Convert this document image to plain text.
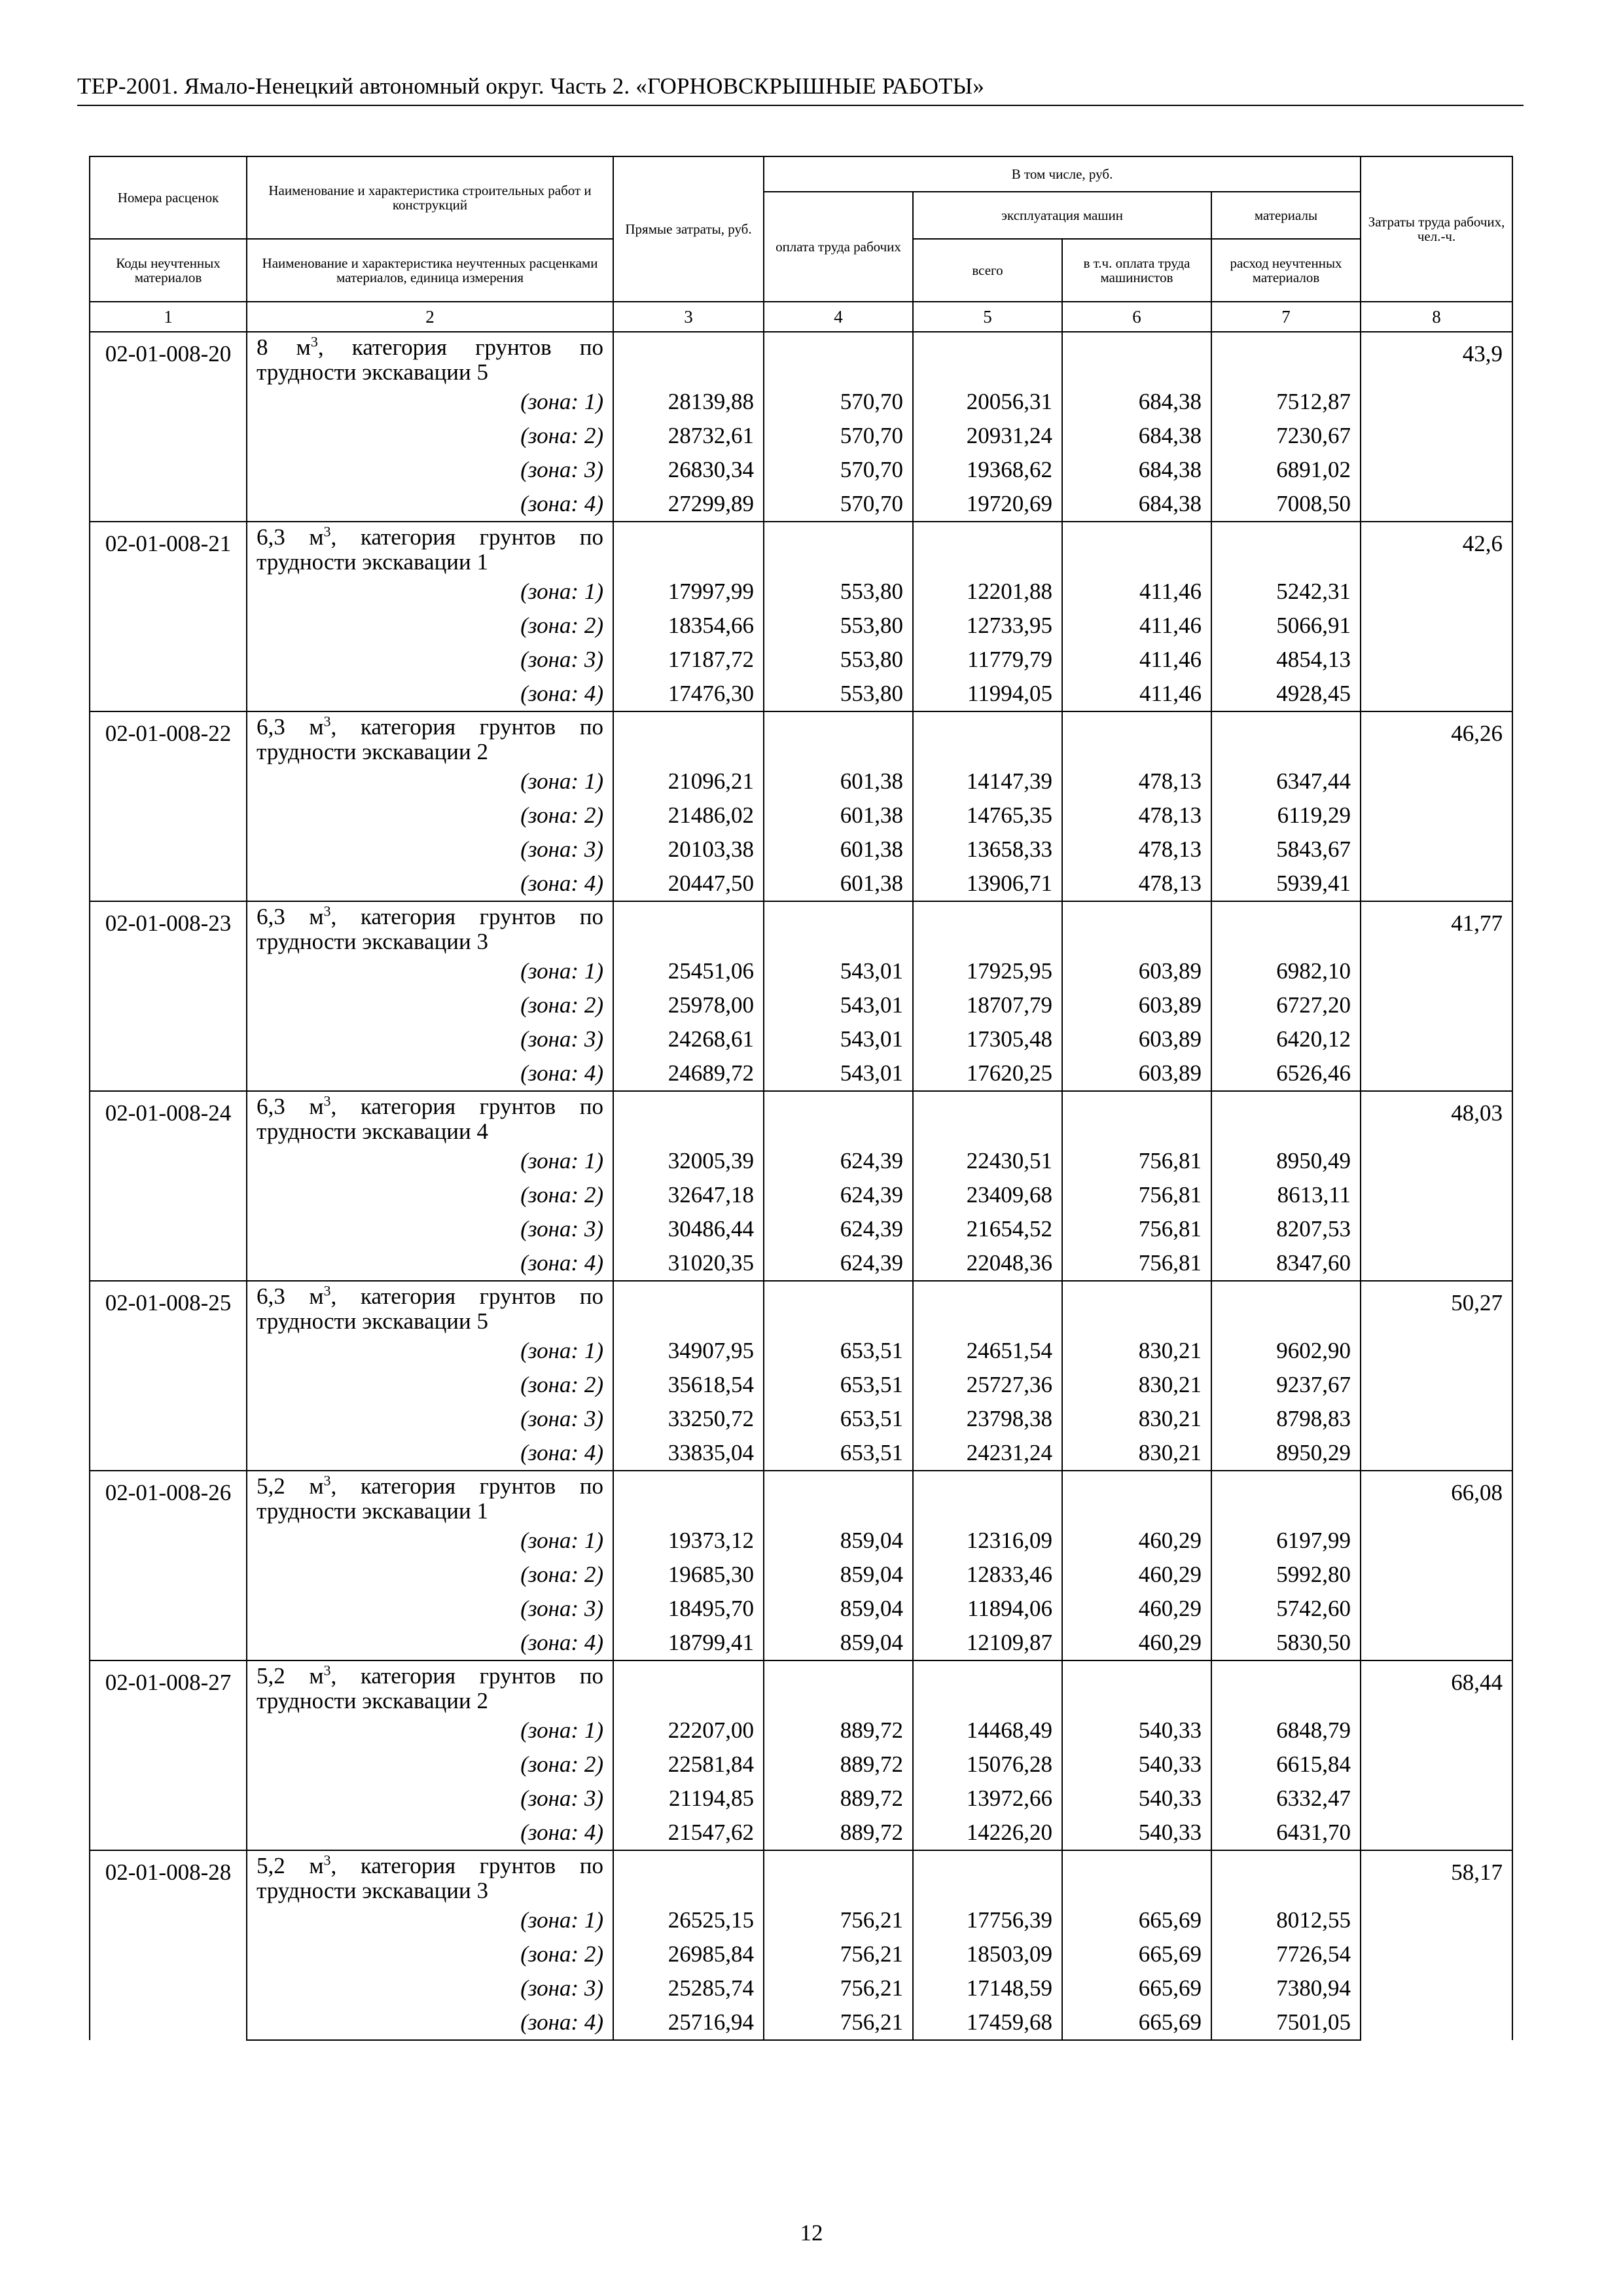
ТЕР-2001. Ямало-Ненецкий автономный округ. Часть 2. «ГОРНОВСКРЫШНЫЕ РАБОТЫ»
Номера расценок	Наименование и характеристика строительных работ и конструкций	Прямые затраты, руб.	В том числе, руб.				Затраты труда рабочих, чел.-ч.
			оплата труда рабочих	эксплуатация машин		материалы	
Коды неучтенных материалов	Наименование и характеристика неучтенных расценками материалов, единица измерения			всего	в т.ч. оплата труда машинистов	расход неучтенных материалов	
1	2	3	4	5	6	7	8
02-01-008-20	8 $м^3$, категория грунтов по трудности экскавации 5						43,9
	(зона: 1)	28139,88	570,70	20056,31	684,38	7512,87	
	(зона: 2)	28732,61	570,70	20931,24	684,38	7230,67	
	(зона: 3)	26830,34	570,70	19368,62	684,38	6891,02	
	(зона: 4)	27299,89	570,70	19720,69	684,38	7008,50	
02-01-008-21	6,3 $м^3$, категория грунтов по трудности экскавации 1						42,6
	(зона: 1)	17997,99	553,80	12201,88	411,46	5242,31	
	(зона: 2)	18354,66	553,80	12733,95	411,46	5066,91	
	(зона: 3)	17187,72	553,80	11779,79	411,46	4854,13	
	(зона: 4)	17476,30	553,80	11994,05	411,46	4928,45	
02-01-008-22	6,3 $м^3$, категория грунтов по трудности экскавации 2						46,26
	(зона: 1)	21096,21	601,38	14147,39	478,13	6347,44	
	(зона: 2)	21486,02	601,38	14765,35	478,13	6119,29	
	(зона: 3)	20103,38	601,38	13658,33	478,13	5843,67	
	(зона: 4)	20447,50	601,38	13906,71	478,13	5939,41	
02-01-008-23	6,3 $м^3$, категория грунтов по трудности экскавации 3						41,77
	(зона: 1)	25451,06	543,01	17925,95	603,89	6982,10	
	(зона: 2)	25978,00	543,01	18707,79	603,89	6727,20	
	(зона: 3)	24268,61	543,01	17305,48	603,89	6420,12	
	(зона: 4)	24689,72	543,01	17620,25	603,89	6526,46	
02-01-008-24	6,3 $м^3$, категория грунтов по трудности экскавации 4						48,03
	(зона: 1)	32005,39	624,39	22430,51	756,81	8950,49	
	(зона: 2)	32647,18	624,39	23409,68	756,81	8613,11	
	(зона: 3)	30486,44	624,39	21654,52	756,81	8207,53	
	(зона: 4)	31020,35	624,39	22048,36	756,81	8347,60	
02-01-008-25	6,3 $м^3$, категория грунтов по трудности экскавации 5						50,27
	(зона: 1)	34907,95	653,51	24651,54	830,21	9602,90	
	(зона: 2)	35618,54	653,51	25727,36	830,21	9237,67	
	(зона: 3)	33250,72	653,51	23798,38	830,21	8798,83	
	(зона: 4)	33835,04	653,51	24231,24	830,21	8950,29	
02-01-008-26	5,2 $м^3$, категория грунтов по трудности экскавации 1						66,08
	(зона: 1)	19373,12	859,04	12316,09	460,29	6197,99	
	(зона: 2)	19685,30	859,04	12833,46	460,29	5992,80	
	(зона: 3)	18495,70	859,04	11894,06	460,29	5742,60	
	(зона: 4)	18799,41	859,04	12109,87	460,29	5830,50	
02-01-008-27	5,2 $м^3$, категория грунтов по трудности экскавации 2						68,44
	(зона: 1)	22207,00	889,72	14468,49	540,33	6848,79	
	(зона: 2)	22581,84	889,72	15076,28	540,33	6615,84	
	(зона: 3)	21194,85	889,72	13972,66	540,33	6332,47	
	(зона: 4)	21547,62	889,72	14226,20	540,33	6431,70	
02-01-008-28	5,2 $м^3$, категория грунтов по трудности экскавации 3						58,17
	(зона: 1)	26525,15	756,21	17756,39	665,69	8012,55	
	(зона: 2)	26985,84	756,21	18503,09	665,69	7726,54	
	(зона: 3)	25285,74	756,21	17148,59	665,69	7380,94	
	(зона: 4)	25716,94	756,21	17459,68	665,69	7501,05	
12
